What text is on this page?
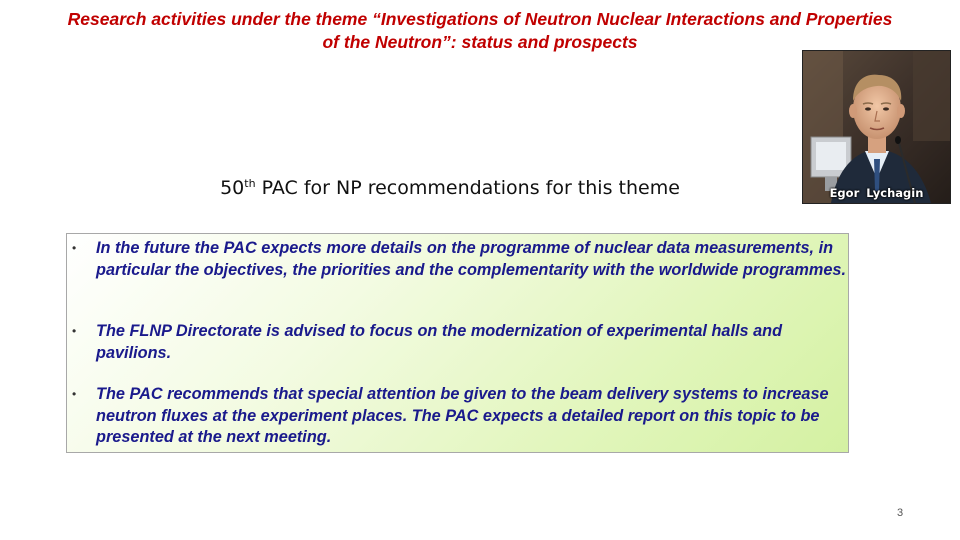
Research activities under the theme “Investigations of Neutron Nuclear Interactions and Properties
of the Neutron”: status and prospects
Egor Lychagin
50th PAC for NP recommendations for this theme
• In the future the PAC expects more details on the programme of nuclear data measurements, in particular the objectives, the priorities and the complementarity with the worldwide programmes.
• The FLNP Directorate is advised to focus on the modernization of experimental halls and pavilions.
• The PAC recommends that special attention be given to the beam delivery systems to increase neutron fluxes at the experiment places. The PAC expects a detailed report on this topic to be presented at the next meeting.
3
